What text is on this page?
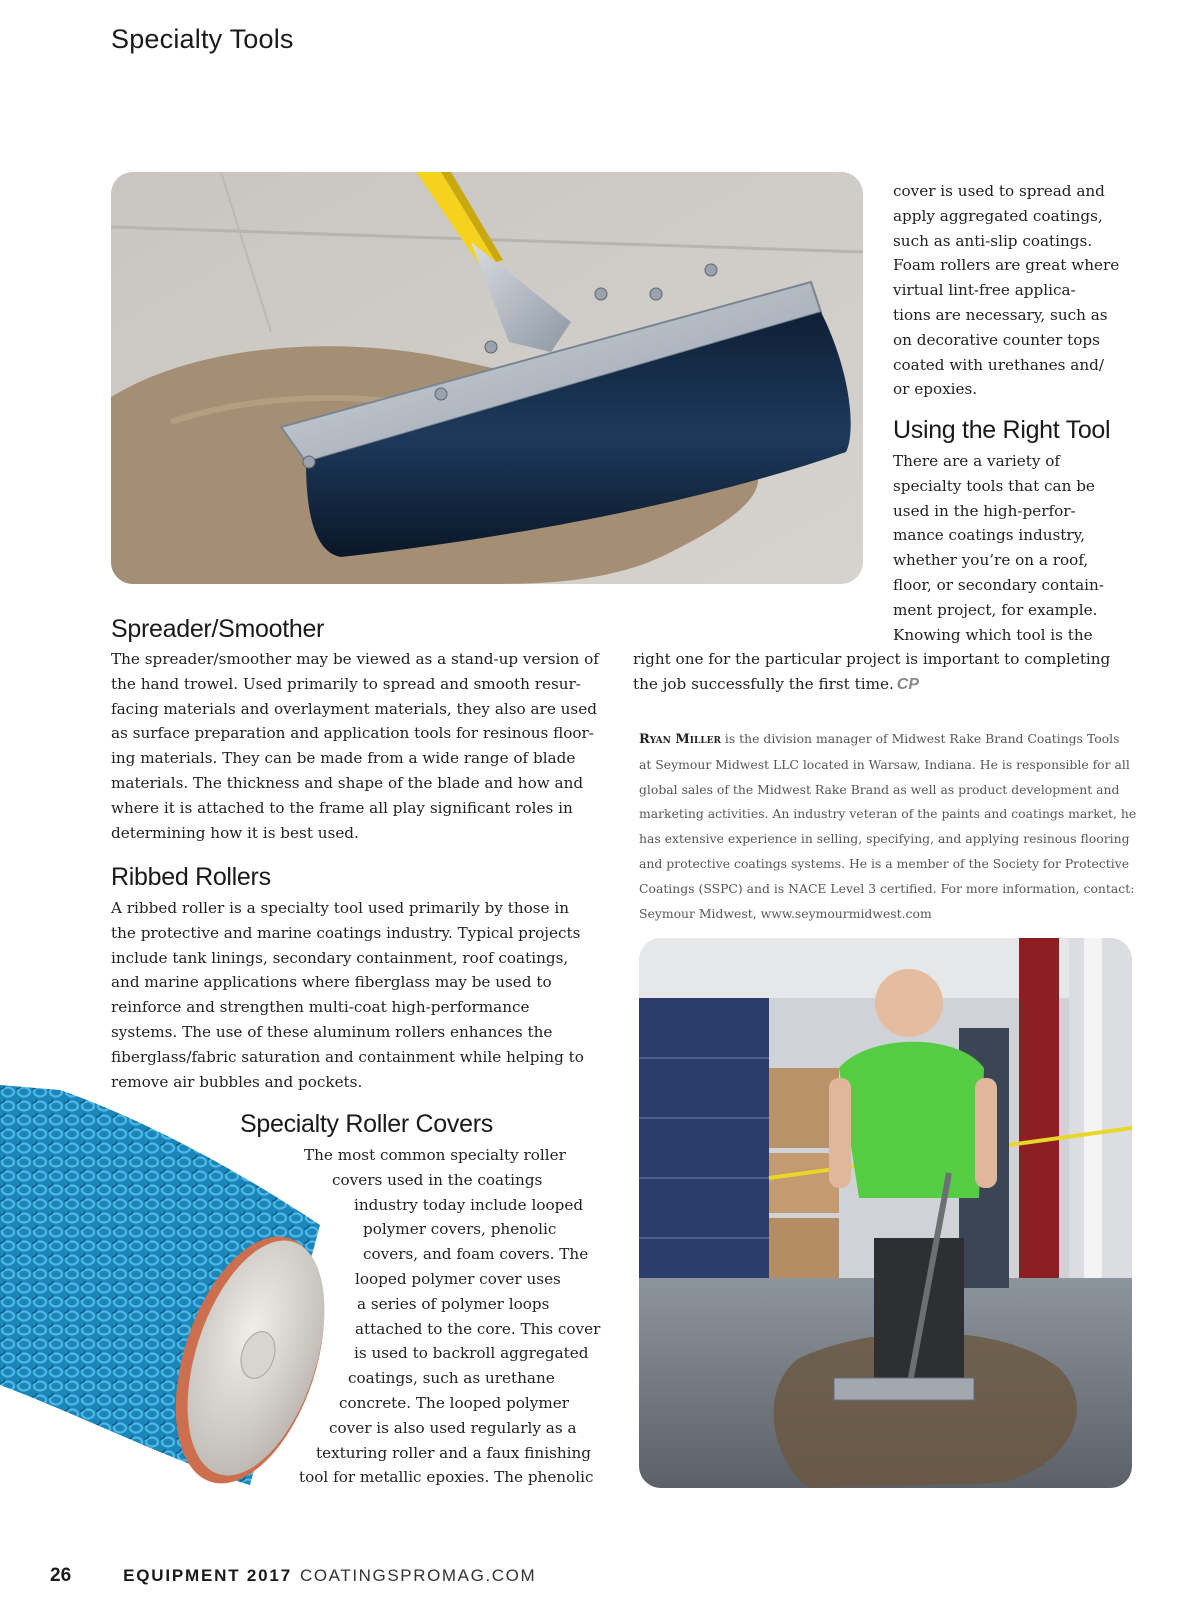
Specialty Tools
cover is used to spread and
apply aggregated coatings,
such as anti-slip coatings.
Foam rollers are great where
virtual lint-free applica-
tions are necessary, such as
on decorative counter tops
coated with urethanes and/
or epoxies.
Using the Right Tool
There are a variety of
specialty tools that can be
used in the high-perfor-
mance coatings industry,
whether you’re on a roof,
floor, or secondary contain-
ment project, for example.
Knowing which tool is the
right one for the particular project is important to completing
the job successfully the first time. CP
Spreader/Smoother
The spreader/smoother may be viewed as a stand-up version of
the hand trowel. Used primarily to spread and smooth resur-
facing materials and overlayment materials, they also are used
as surface preparation and application tools for resinous floor-
ing materials. They can be made from a wide range of blade
materials. The thickness and shape of the blade and how and
where it is attached to the frame all play significant roles in
determining how it is best used.
Ribbed Rollers
A ribbed roller is a specialty tool used primarily by those in
the protective and marine coatings industry. Typical projects
include tank linings, secondary containment, roof coatings,
and marine applications where fiberglass may be used to
reinforce and strengthen multi-coat high-performance
systems. The use of these aluminum rollers enhances the
fiberglass/fabric saturation and containment while helping to
remove air bubbles and pockets.
Specialty Roller Covers
The most common specialty roller
covers used in the coatings
industry today include looped
polymer covers, phenolic
covers, and foam covers. The
looped polymer cover uses
a series of polymer loops
attached to the core. This cover
is used to backroll aggregated
coatings, such as urethane
concrete. The looped polymer
cover is also used regularly as a
texturing roller and a faux finishing
tool for metallic epoxies. The phenolic
Ryan Miller is the division manager of Midwest Rake Brand Coatings Tools
at Seymour Midwest LLC located in Warsaw, Indiana. He is responsible for all
global sales of the Midwest Rake Brand as well as product development and
marketing activities. An industry veteran of the paints and coatings market, he
has extensive experience in selling, specifying, and applying resinous flooring
and protective coatings systems. He is a member of the Society for Protective
Coatings (SSPC) and is NACE Level 3 certified. For more information, contact:
Seymour Midwest, www.seymourmidwest.com
26	EQUIPMENT 2017 COATINGSPROMAG.COM
